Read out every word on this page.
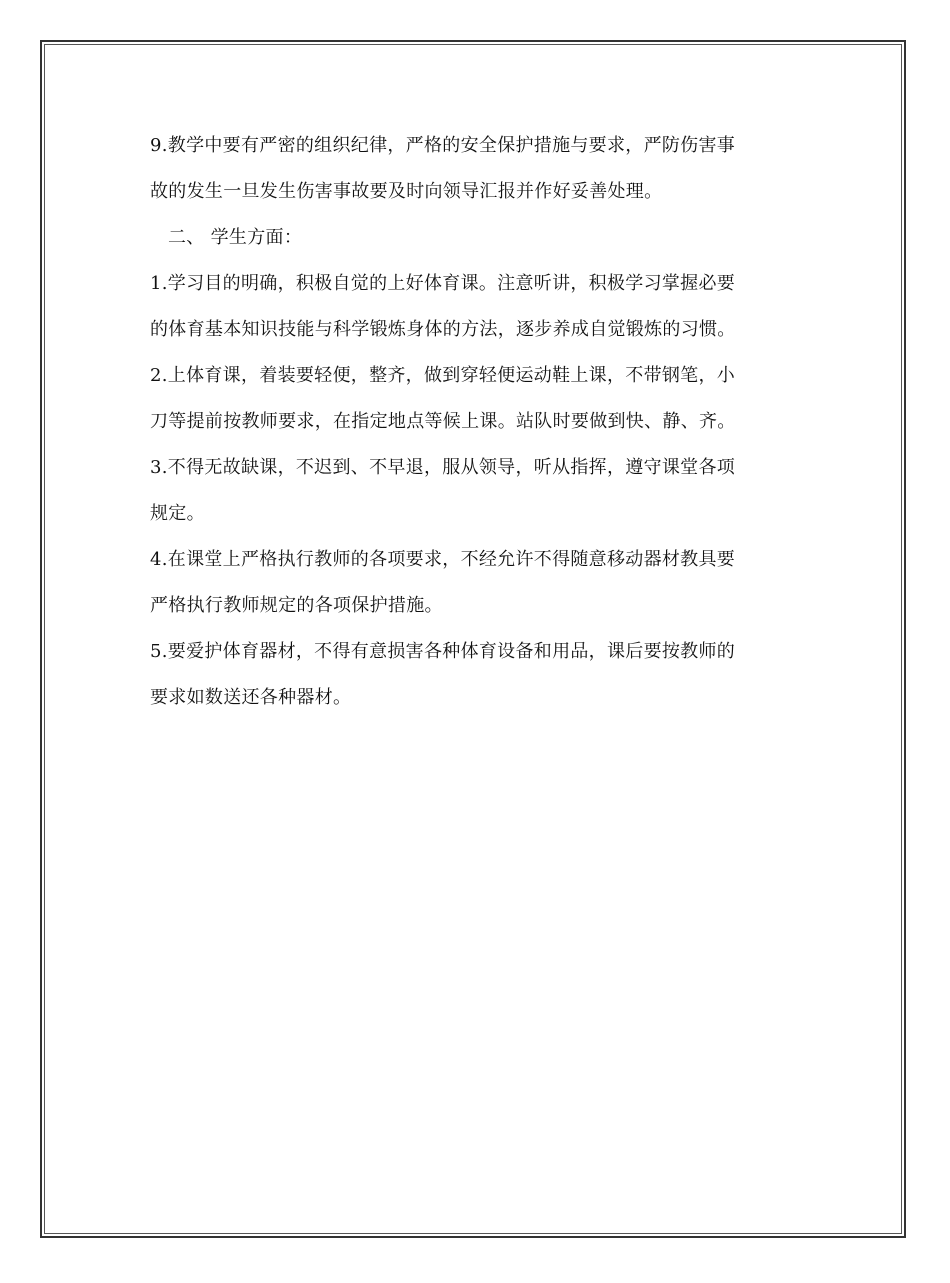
9.教学中要有严密的组织纪律，严格的安全保护措施与要求，严防伤害事

故的发生一旦发生伤害事故要及时向领导汇报并作好妥善处理。

二、 学生方面：

1.学习目的明确，积极自觉的上好体育课。注意听讲，积极学习掌握必要

的体育基本知识技能与科学锻炼身体的方法，逐步养成自觉锻炼的习惯。

2.上体育课，着装要轻便，整齐，做到穿轻便运动鞋上课，不带钢笔，小

刀等提前按教师要求，在指定地点等候上课。站队时要做到快、静、齐。

3.不得无故缺课，不迟到、不早退，服从领导，听从指挥，遵守课堂各项

规定。

4.在课堂上严格执行教师的各项要求，不经允许不得随意移动器材教具要

严格执行教师规定的各项保护措施。

5.要爱护体育器材，不得有意损害各种体育设备和用品，课后要按教师的

要求如数送还各种器材。
